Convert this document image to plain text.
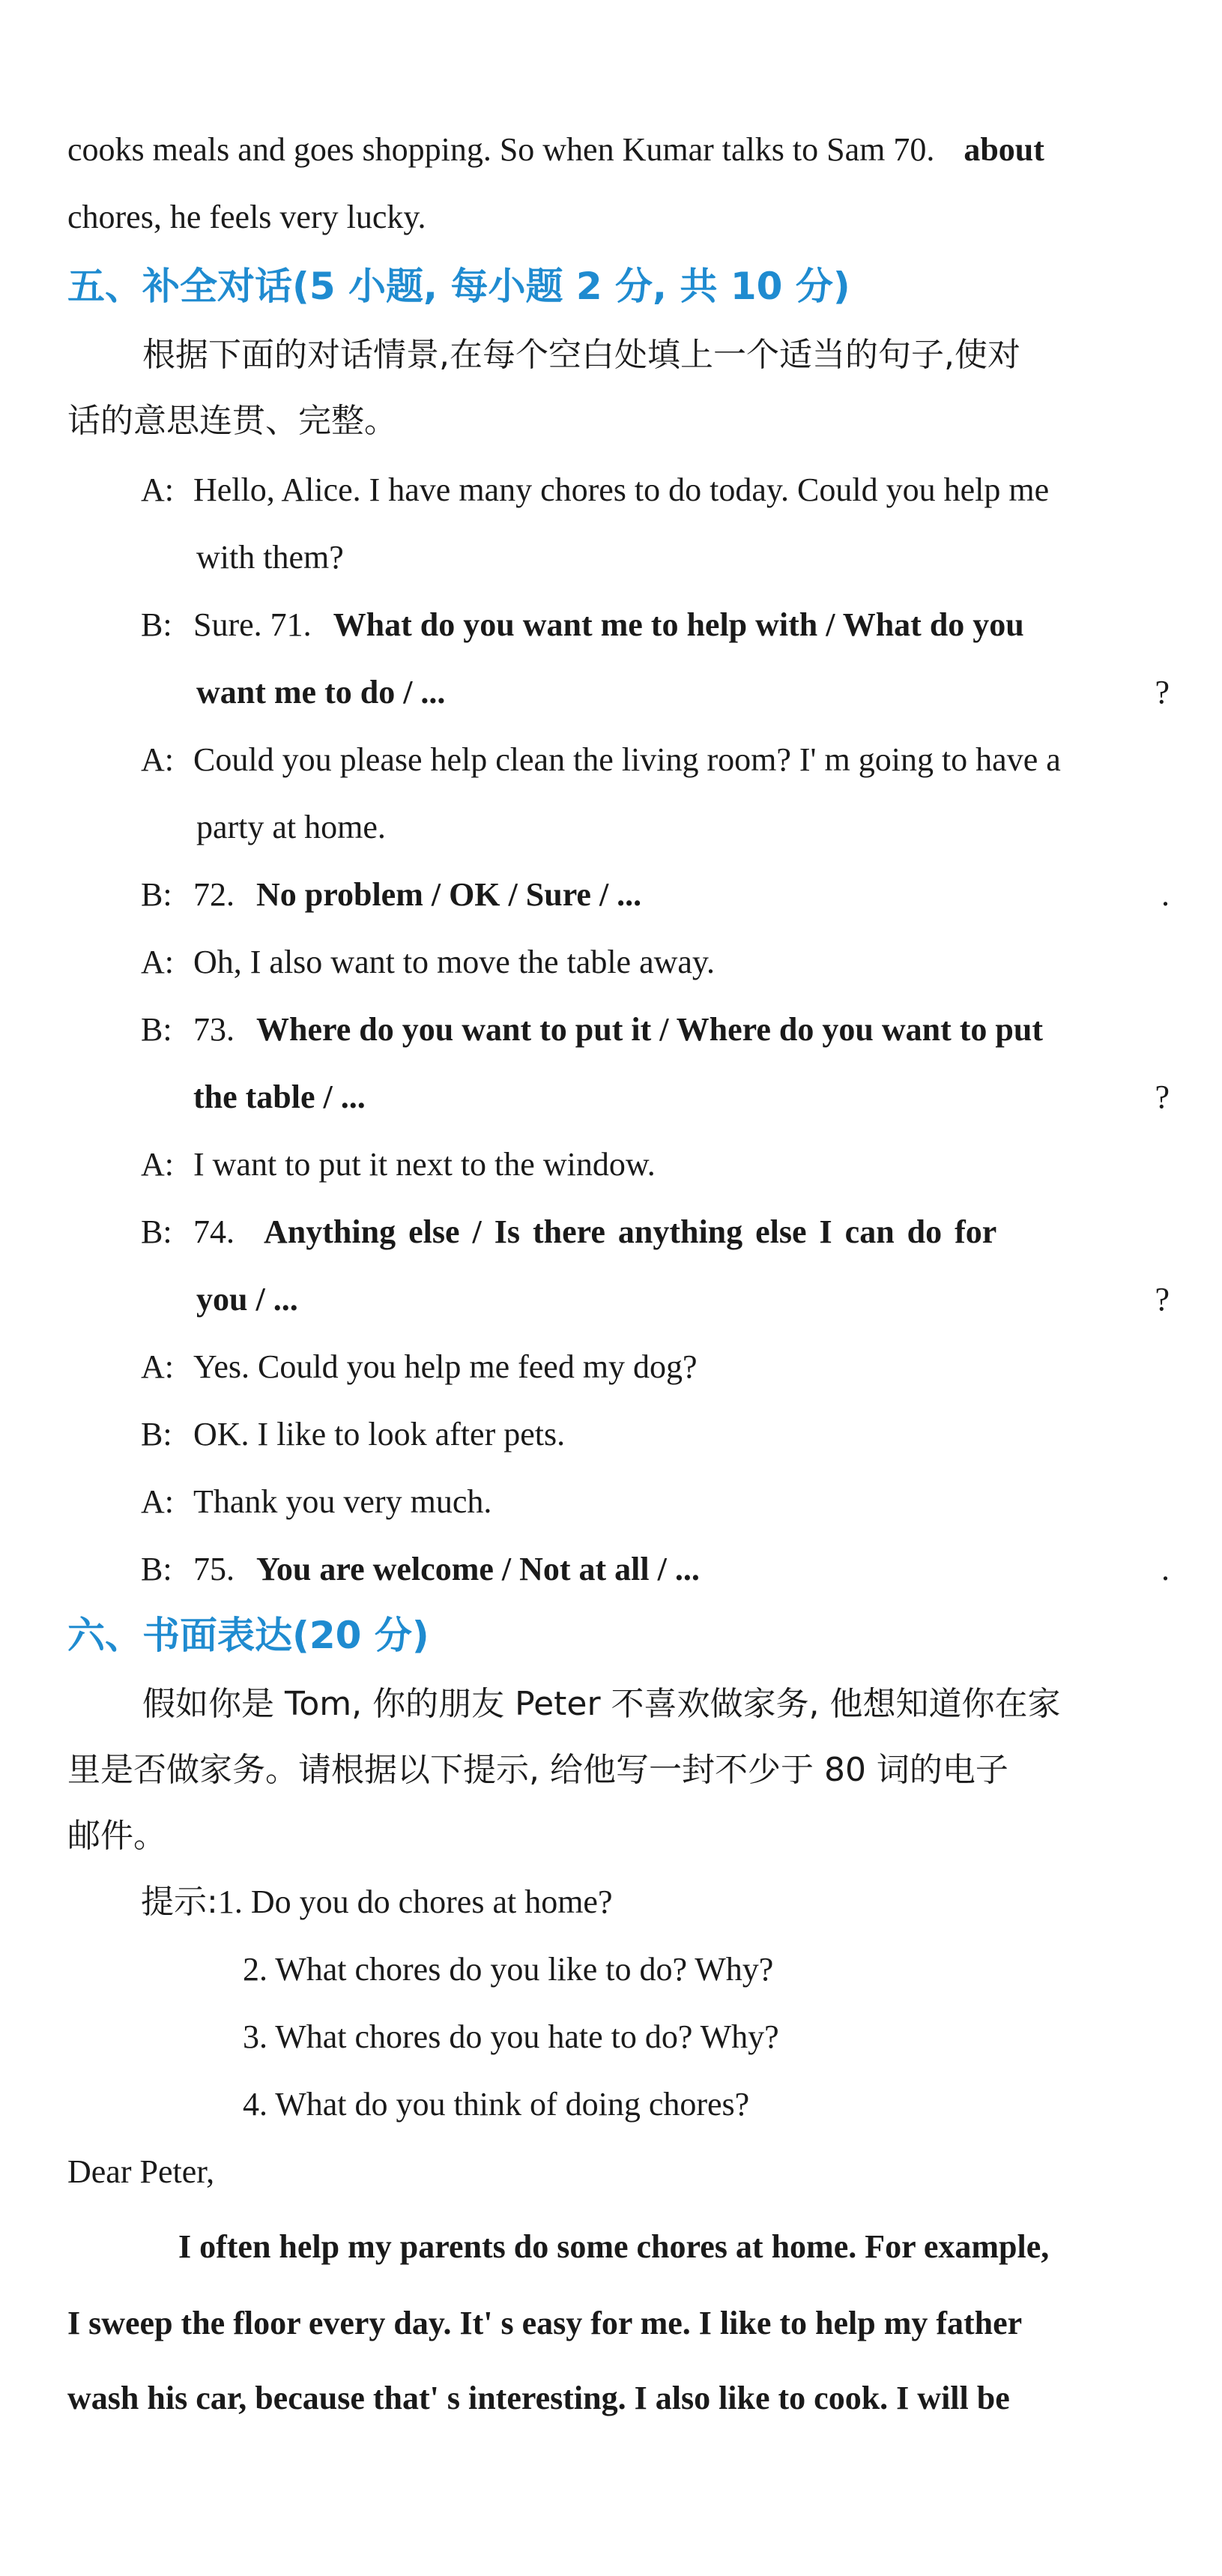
cooks meals and goes shopping. So when Kumar talks to Sam 70. about
chores, he feels very lucky.
五、补全对话(5 小题, 每小题 2 分, 共 10 分)
根据下面的对话情景,在每个空白处填上一个适当的句子,使对
话的意思连贯、完整。
A: Hello, Alice. I have many chores to do today. Could you help me
with them?
B: Sure. 71. What do you want me to help with / What do you
want me to do / ...	?
A: Could you please help clean the living room? I' m going to have a
party at home.
B: 72. No problem / OK / Sure / ...	.
A: Oh, I also want to move the table away.
B: 73. Where do you want to put it / Where do you want to put
the table / ...	?
A: I want to put it next to the window.
B: 74. Anything else / Is there anything else I can do for
you / ...	?
A: Yes. Could you help me feed my dog?
B: OK. I like to look after pets.
A: Thank you very much.
B: 75. You are welcome / Not at all / ...	.
六、书面表达(20 分)
假如你是 Tom, 你的朋友 Peter 不喜欢做家务, 他想知道你在家
里是否做家务。请根据以下提示, 给他写一封不少于 80 词的电子
邮件。
提示:1. Do you do chores at home?
2. What chores do you like to do? Why?
3. What chores do you hate to do? Why?
4. What do you think of doing chores?
Dear Peter,
I often help my parents do some chores at home. For example,
I sweep the floor every day. It' s easy for me. I like to help my father
wash his car, because that' s interesting. I also like to cook. I will be
